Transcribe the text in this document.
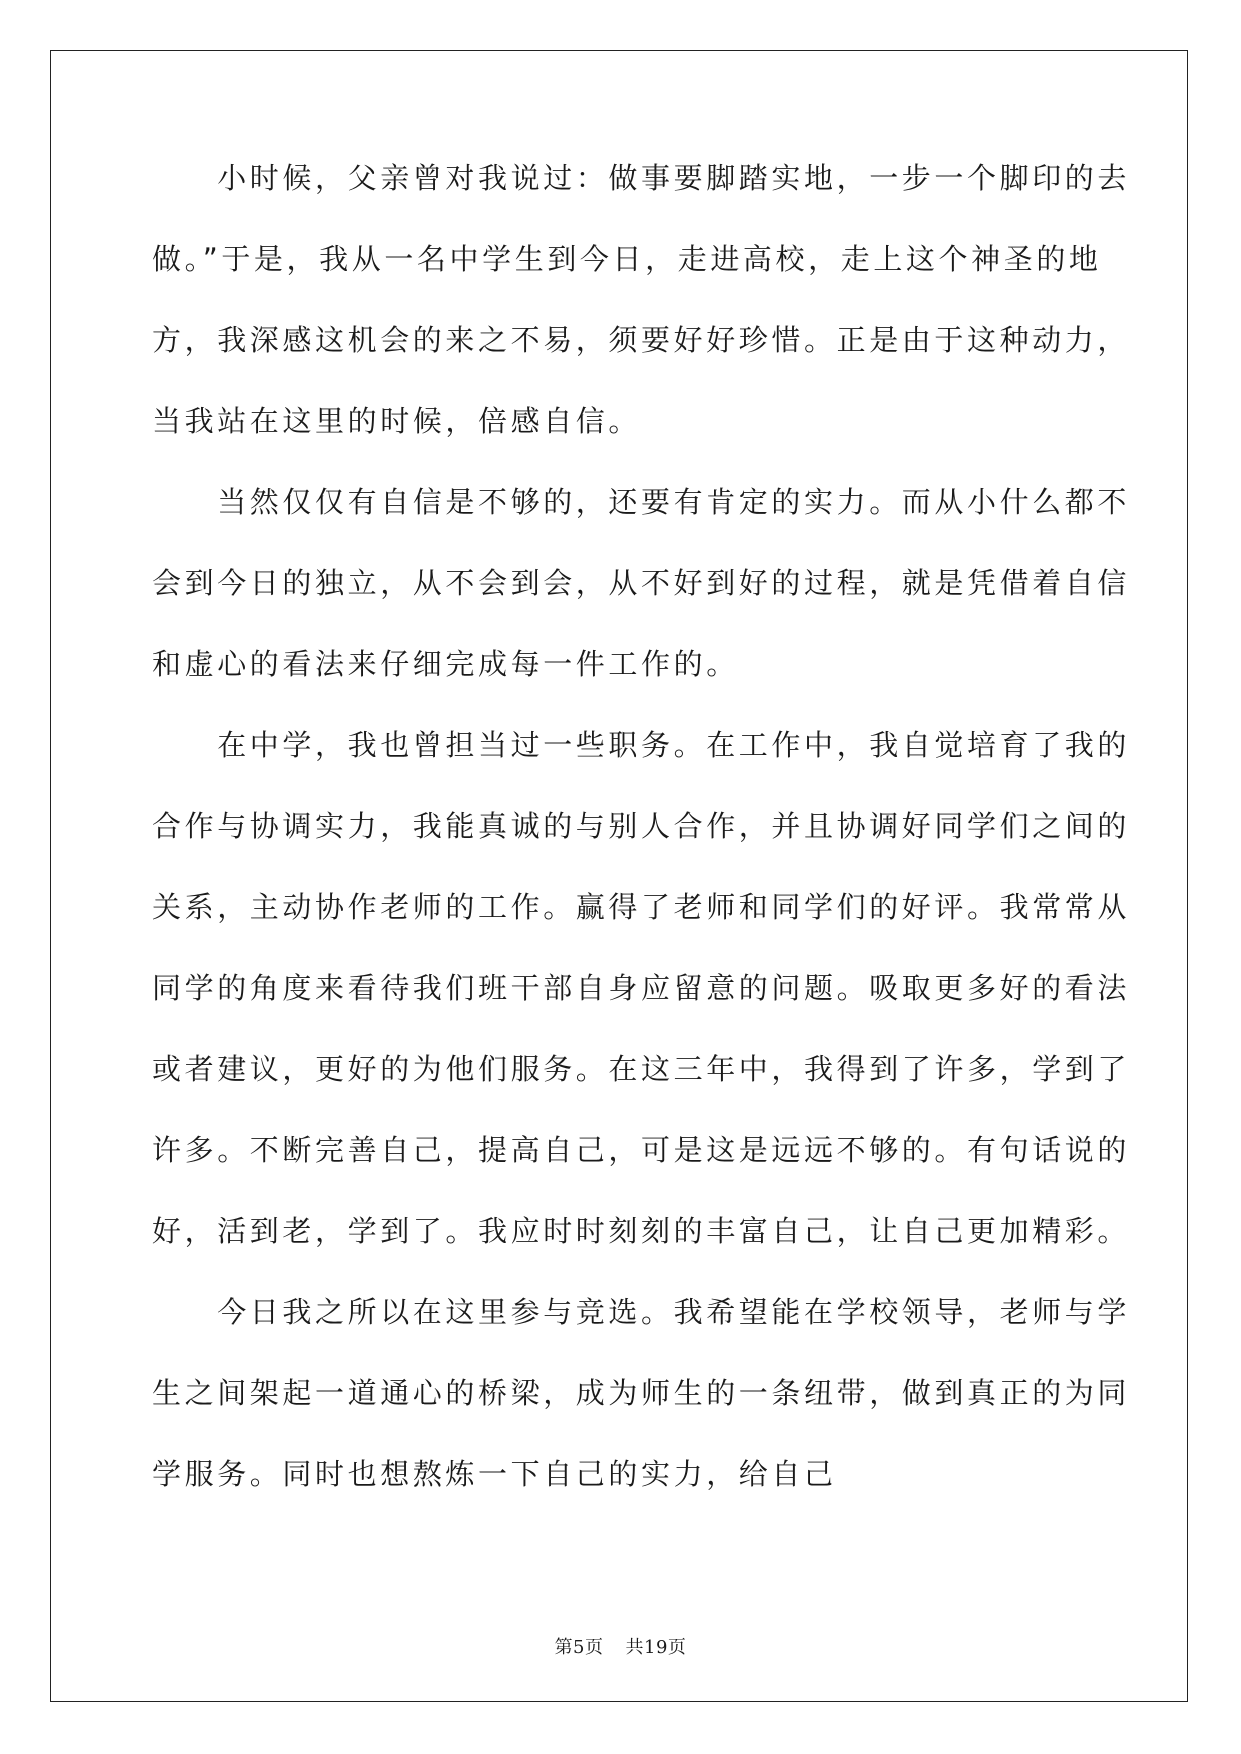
　　小时候，父亲曾对我说过：做事要脚踏实地，一步一个脚印的去
做。”于是，我从一名中学生到今日，走进高校，走上这个神圣的地
方，我深感这机会的来之不易，须要好好珍惜。正是由于这种动力，
当我站在这里的时候，倍感自信。
　　当然仅仅有自信是不够的，还要有肯定的实力。而从小什么都不
会到今日的独立，从不会到会，从不好到好的过程，就是凭借着自信
和虚心的看法来仔细完成每一件工作的。
　　在中学，我也曾担当过一些职务。在工作中，我自觉培育了我的
合作与协调实力，我能真诚的与别人合作，并且协调好同学们之间的
关系，主动协作老师的工作。赢得了老师和同学们的好评。我常常从
同学的角度来看待我们班干部自身应留意的问题。吸取更多好的看法
或者建议，更好的为他们服务。在这三年中，我得到了许多，学到了
许多。不断完善自己，提高自己，可是这是远远不够的。有句话说的
好，活到老，学到了。我应时时刻刻的丰富自己，让自己更加精彩。
　　今日我之所以在这里参与竞选。我希望能在学校领导，老师与学
生之间架起一道通心的桥梁，成为师生的一条纽带，做到真正的为同
学服务。同时也想熬炼一下自己的实力，给自己
第5页 共19页
